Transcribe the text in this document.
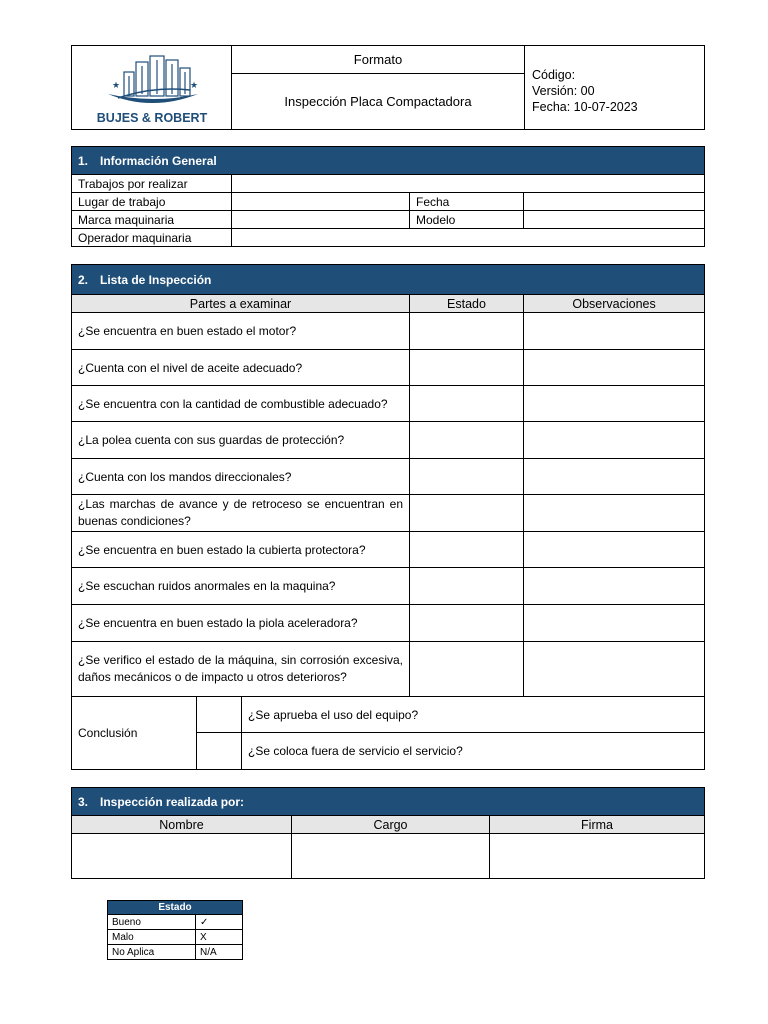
★	★
BUJES & ROBERT
	Formato	
Código:
Versión: 00
Fecha: 10-07-2023

Inspección Placa Compactadora
1. Información General			
Trabajos por realizar			
Lugar de trabajo		Fecha	
Marca maquinaria		Modelo	
Operador maquinaria			
2. Lista de Inspección				
Partes a examinar			Estado	Observaciones
¿Se encuentra en buen estado el motor?				
¿Cuenta con el nivel de aceite adecuado?				
¿Se encuentra con la cantidad de combustible adecuado?				
¿La polea cuenta con sus guardas de protección?				
¿Cuenta con los mandos direccionales?				
¿Las marchas de avance y de retroceso se encuentran en buenas condiciones?				
¿Se encuentra en buen estado la cubierta protectora?				
¿Se escuchan ruidos anormales en la maquina?				
¿Se encuentra en buen estado la piola aceleradora?				
¿Se verifico el estado de la máquina, sin corrosión excesiva, daños mecánicos o de impacto u otros deterioros?				
Conclusión		¿Se aprueba el uso del equipo?		
		¿Se coloca fuera de servicio el servicio?		
3. Inspección realizada por:		
Nombre	Cargo	Firma

Estado	
Bueno	✓
Malo	X
No Aplica	N/A
